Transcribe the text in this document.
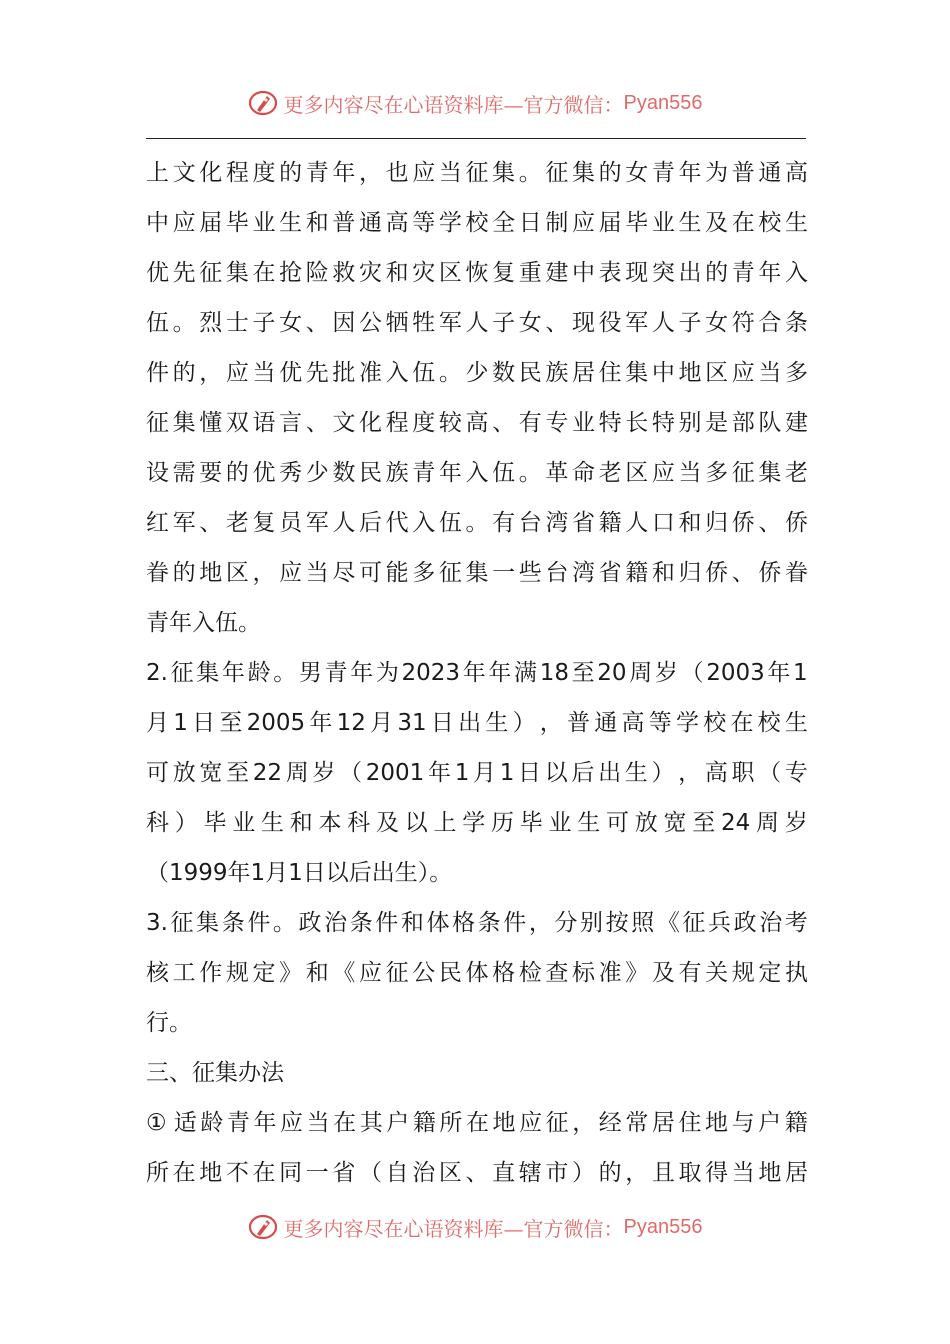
更多内容尽在心语资料库—官方微信： Pyan556
上 文 化 程 度 的 青 年 ， 也 应 当 征 集 。 征 集 的 女 青 年 为 普 通 高
中 应 届 毕 业 生 和 普 通 高 等 学 校 全 日 制 应 届 毕 业 生 及 在 校 生
优 先 征 集 在 抢 险 救 灾 和 灾 区 恢 复 重 建 中 表 现 突 出 的 青 年 入
伍 。 烈 士 子 女 、 因 公 牺 牲 军 人 子 女 、 现 役 军 人 子 女 符 合 条
件 的 ， 应 当 优 先 批 准 入 伍 。 少 数 民 族 居 住 集 中 地 区 应 当 多
征 集 懂 双 语 言 、 文 化 程 度 较 高 、 有 专 业 特 长 特 别 是 部 队 建
设 需 要 的 优 秀 少 数 民 族 青 年 入 伍 。 革 命 老 区 应 当 多 征 集 老
红 军 、 老 复 员 军 人 后 代 入 伍 。 有 台 湾 省 籍 人 口 和 归 侨 、 侨
眷 的 地 区 ， 应 当 尽 可 能 多 征 集 一 些 台 湾 省 籍 和 归 侨 、 侨 眷
青年入伍。
2. 征 集 年 龄 。 男 青 年 为 2023 年 年 满 18 至 20 周 岁 （ 2003 年 1
月 1 日 至 2005 年 12 月 31 日 出 生 ） ， 普 通 高 等 学 校 在 校 生
可 放 宽 至 22 周 岁 （ 2001 年 1 月 1 日 以 后 出 生 ） ， 高 职 （ 专
科 ） 毕 业 生 和 本 科 及 以 上 学 历 毕 业 生 可 放 宽 至 24 周 岁
（1999年1月1日以后出生）。
3. 征 集 条 件 。 政 治 条 件 和 体 格 条 件 ， 分 别 按 照 《 征 兵 政 治 考
核 工 作 规 定 》 和 《 应 征 公 民 体 格 检 查 标 准 》 及 有 关 规 定 执
行。
三、征集办法
① 适 龄 青 年 应 当 在 其 户 籍 所 在 地 应 征 ， 经 常 居 住 地 与 户 籍
所 在 地 不 在 同 一 省 （ 自 治 区 、 直 辖 市 ） 的 ， 且 取 得 当 地 居
更多内容尽在心语资料库—官方微信： Pyan556
